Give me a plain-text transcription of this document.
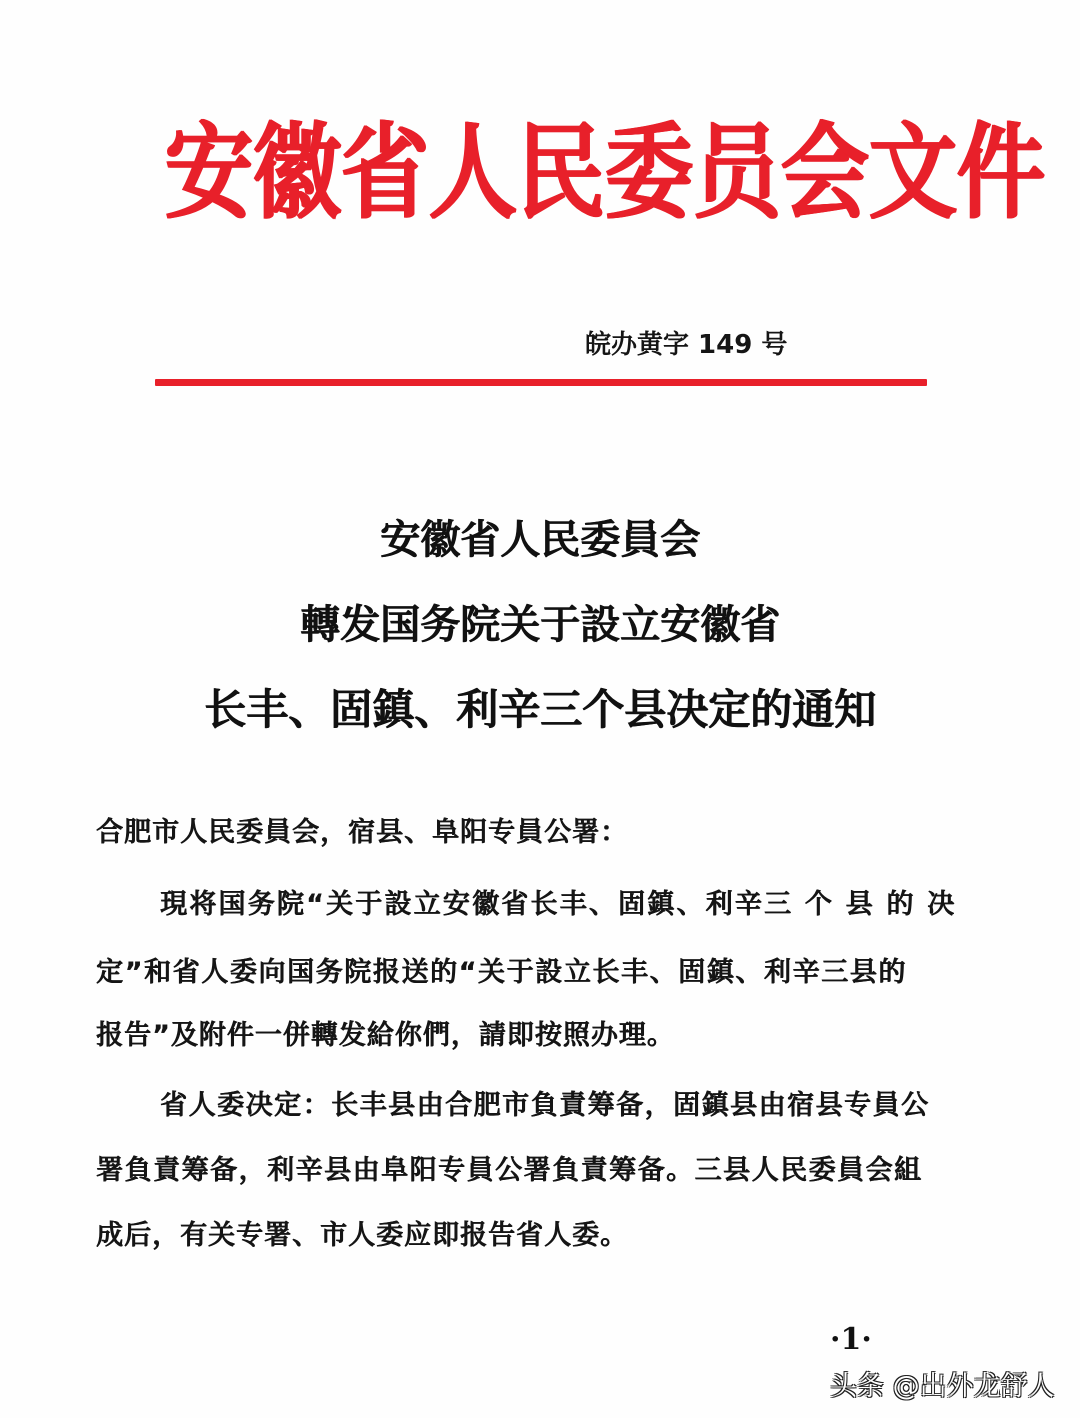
安徽省人民委员会文件
皖办黄字 149 号
安徽省人民委員会
轉发国务院关于設立安徽省
长丰、固鎮、利辛三个县决定的通知
合肥市人民委員会，宿县、阜阳专員公署：
現将国务院“关于設立安徽省长丰、固鎮、利辛三 个 县 的 决
定”和省人委向国务院报送的“关于設立长丰、固鎮、利辛三县的
报告”及附件一併轉发給你們，請即按照办理。
省人委决定：长丰县由合肥市負責筹备，固鎮县由宿县专員公
署負責筹备，利辛县由阜阳专員公署負責筹备。三县人民委員会組
成后，有关专署、市人委应即报告省人委。
·1·
头条 @出外龙舒人
